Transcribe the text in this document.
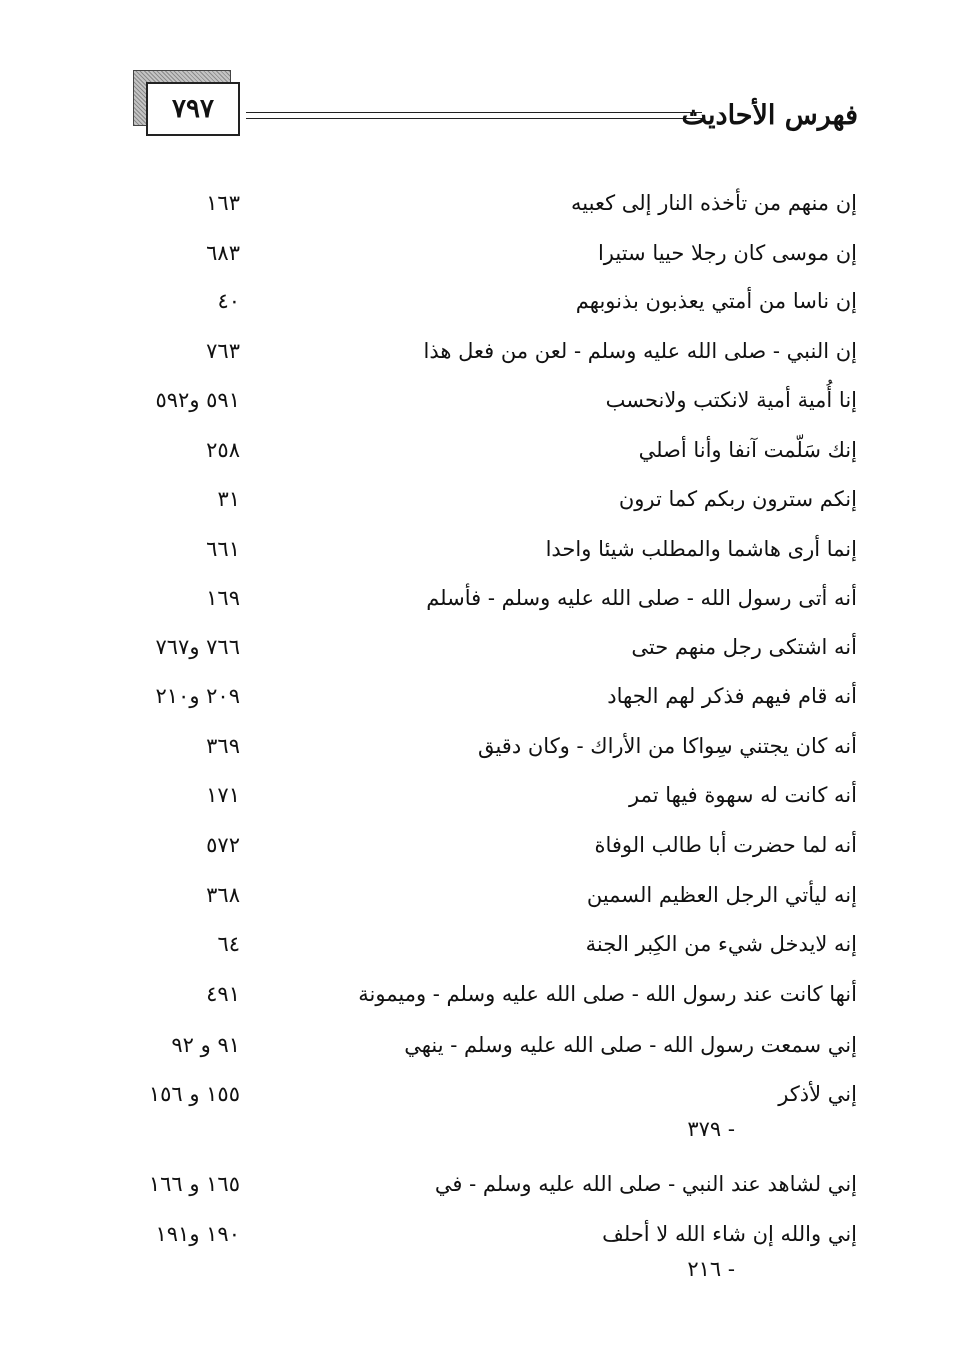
٧٩٧	فهرس الأحاديث
إن منهم من تأخذه النار إلى كعبيه
١٦٣
إن موسى كان رجلا حييا ستيرا
٦٨٣
إن ناسا من أمتي يعذبون بذنوبهم
٤٠
إن النبي - صلى الله عليه وسلم - لعن من فعل هذا
٧٦٣
إنا أُمية أمية لانكتب ولانحسب
٥٩١ و٥٩٢
إنك سَلّمت آنفا وأنا أصلي
٢٥٨
إنكم سترون ربكم كما ترون
٣١
إنما أرى هاشما والمطلب شيئا واحدا
٦٦١
أنه أتى رسول الله - صلى الله عليه وسلم - فأسلم
١٦٩
أنه اشتكى رجل منهم حتى
٧٦٦ و٧٦٧
أنه قام فيهم فذكر لهم الجهاد
٢٠٩ و٢١٠
أنه كان يجتني سِواكا من الأراك - وكان دقيق
٣٦٩
أنه كانت له سهوة فيها تمر
١٧١
أنه لما حضرت أبا طالب الوفاة
٥٧٢
إنه ليأتي الرجل العظيم السمين
٣٦٨
إنه لايدخل شيء من الكِبر الجنة
٦٤
أنها كانت عند رسول الله - صلى الله عليه وسلم - وميمونة
٤٩١
إني سمعت رسول الله - صلى الله عليه وسلم - ينهي
٩١ و ٩٢
إني لأذكر
١٥٥ و ١٥٦
- ٣٧٩
إني لشاهد عند النبي - صلى الله عليه وسلم - في
١٦٥ و ١٦٦
إني والله إن شاء الله لا أحلف
١٩٠ و١٩١
- ٢١٦
